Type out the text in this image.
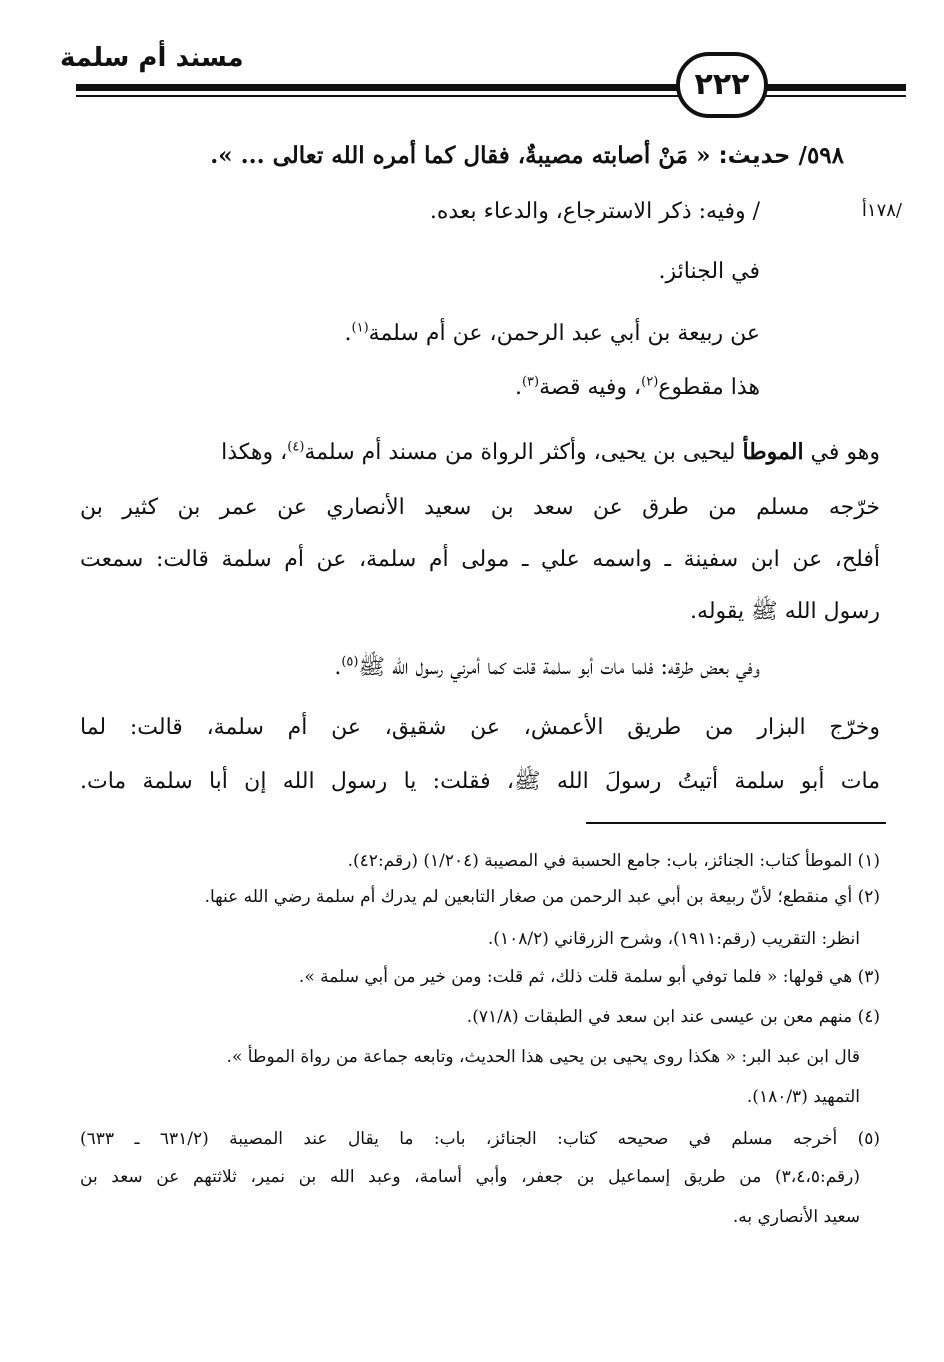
مسند أم سلمة
٢٢٢
/١٧٨أ
٥٩٨/ حديث: « مَنْ أصابته مصيبةٌ، فقال كما أمره الله تعالى ... ».
/ وفيه: ذكر الاسترجاع، والدعاء بعده.
في الجنائز.
عن ربيعة بن أبي عبد الرحمن، عن أم سلمة$^{(١)}$.
هذا مقطوع$^{(٢)}$، وفيه قصة$^{(٣)}$.
وهو في الموطأ ليحيى بن يحيى، وأكثر الرواة من مسند أم سلمة$^{(٤)}$، وهكذا
خرّجه مسلم من طرق عن سعد بن سعيد الأنصاري عن عمر بن كثير بن
أفلح، عن ابن سفينة ـ واسمه علي ـ مولى أم سلمة، عن أم سلمة قالت: سمعت
رسول الله ﷺ يقوله.
وفي بعض طرقه: فلما مات أبو سلمة قلت كما أمرني رسول الله ﷺ$^{(٥)}$.
وخرّج البزار من طريق الأعمش، عن شقيق، عن أم سلمة، قالت: لما
مات أبو سلمة أتيتُ رسولَ الله ﷺ، فقلت: يا رسول الله إن أبا سلمة مات.
(١) الموطأ كتاب: الجنائز، باب: جامع الحسبة في المصيبة (١/٢٠٤) (رقم:٤٢).
(٢) أي منقطع؛ لأنّ ربيعة بن أبي عبد الرحمن من صغار التابعين لم يدرك أم سلمة رضي الله عنها.
انظر: التقريب (رقم:١٩١١)، وشرح الزرقاني (١٠٨/٢).
(٣) هي قولها: « فلما توفي أبو سلمة قلت ذلك، ثم قلت: ومن خير من أبي سلمة ».
(٤) منهم معن بن عيسى عند ابن سعد في الطبقات (٧١/٨).
قال ابن عبد البر: « هكذا روى يحيى بن يحيى هذا الحديث، وتابعه جماعة من رواة الموطأ ».
التمهيد (١٨٠/٣).
(٥) أخرجه مسلم في صحيحه كتاب: الجنائز، باب: ما يقال عند المصيبة (٦٣١/٢ ـ ٦٣٣)
(رقم:٣،٤،٥) من طريق إسماعيل بن جعفر، وأبي أسامة، وعبد الله بن نمير، ثلاثتهم عن سعد بن
سعيد الأنصاري به.
